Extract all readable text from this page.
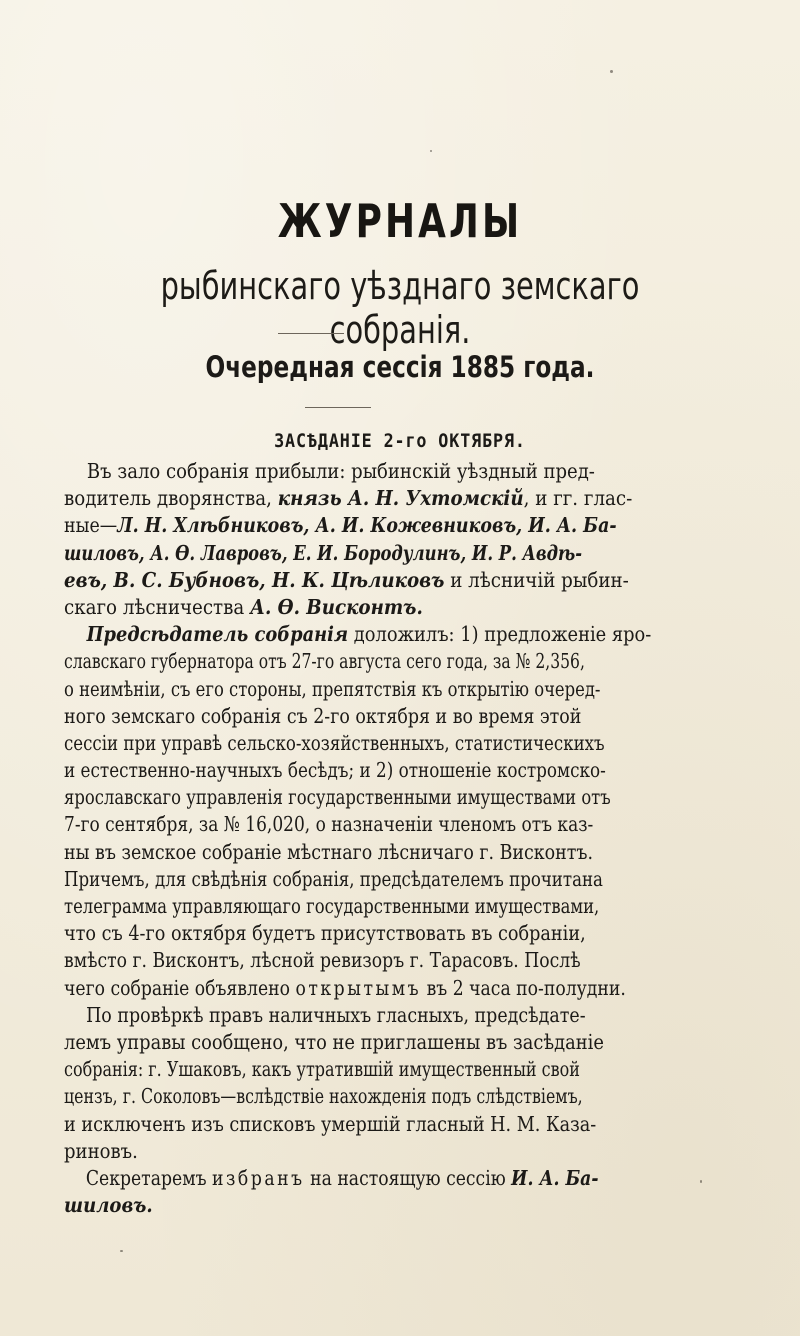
ЖУРНАЛЫ
рыбинскаго уѣзднаго земскаго собранія.
Очередная сессія 1885 года.
ЗАСѢДАНІЕ 2-го ОКТЯБРЯ.
Въ зало собранія прибыли: рыбинскій уѣздный пред-
водитель дворянства, князь А. Н. Ухтомскій, и гг. глас-
ные—Л. Н. Хлѣбниковъ, А. И. Кожевниковъ, И. А. Ба-
шиловъ, А. Ѳ. Лавровъ, Е. И. Бородулинъ, И. Р. Авдѣ-
евъ, В. С. Бубновъ, Н. К. Цѣликовъ и лѣсничій рыбин-
скаго лѣсничества А. Ѳ. Висконтъ.
Предсѣдатель собранія доложилъ: 1) предложеніе яро-
славскаго губернатора отъ 27-го августа сего года, за № 2,356,
о неимѣніи, съ его стороны, препятствія къ открытію очеред-
ного земскаго собранія съ 2-го октября и во время этой
сессіи при управѣ сельско-хозяйственныхъ, статистическихъ
и естественно-научныхъ бесѣдъ; и 2) отношеніе костромско-
ярославскаго управленія государственными имуществами отъ
7-го сентября, за № 16,020, о назначеніи членомъ отъ каз-
ны въ земское собраніе мѣстнаго лѣсничаго г. Висконтъ.
Причемъ, для свѣдѣнія собранія, предсѣдателемъ прочитана
телеграмма управляющаго государственными имуществами,
что съ 4-го октября будетъ присутствовать въ собраніи,
вмѣсто г. Висконтъ, лѣсной ревизоръ г. Тарасовъ. Послѣ
чего собраніе объявлено открытымъ въ 2 часа по-полудни.
По провѣркѣ правъ наличныхъ гласныхъ, предсѣдате-
лемъ управы сообщено, что не приглашены въ засѣданіе
собранія: г. Ушаковъ, какъ утратившій имущественный свой
цензъ, г. Соколовъ—вслѣдствіе нахожденія подъ слѣдствіемъ,
и исключенъ изъ списковъ умершій гласный Н. М. Каза-
риновъ.
Секретаремъ избранъ на настоящую сессію И. А. Ба-
шиловъ.
